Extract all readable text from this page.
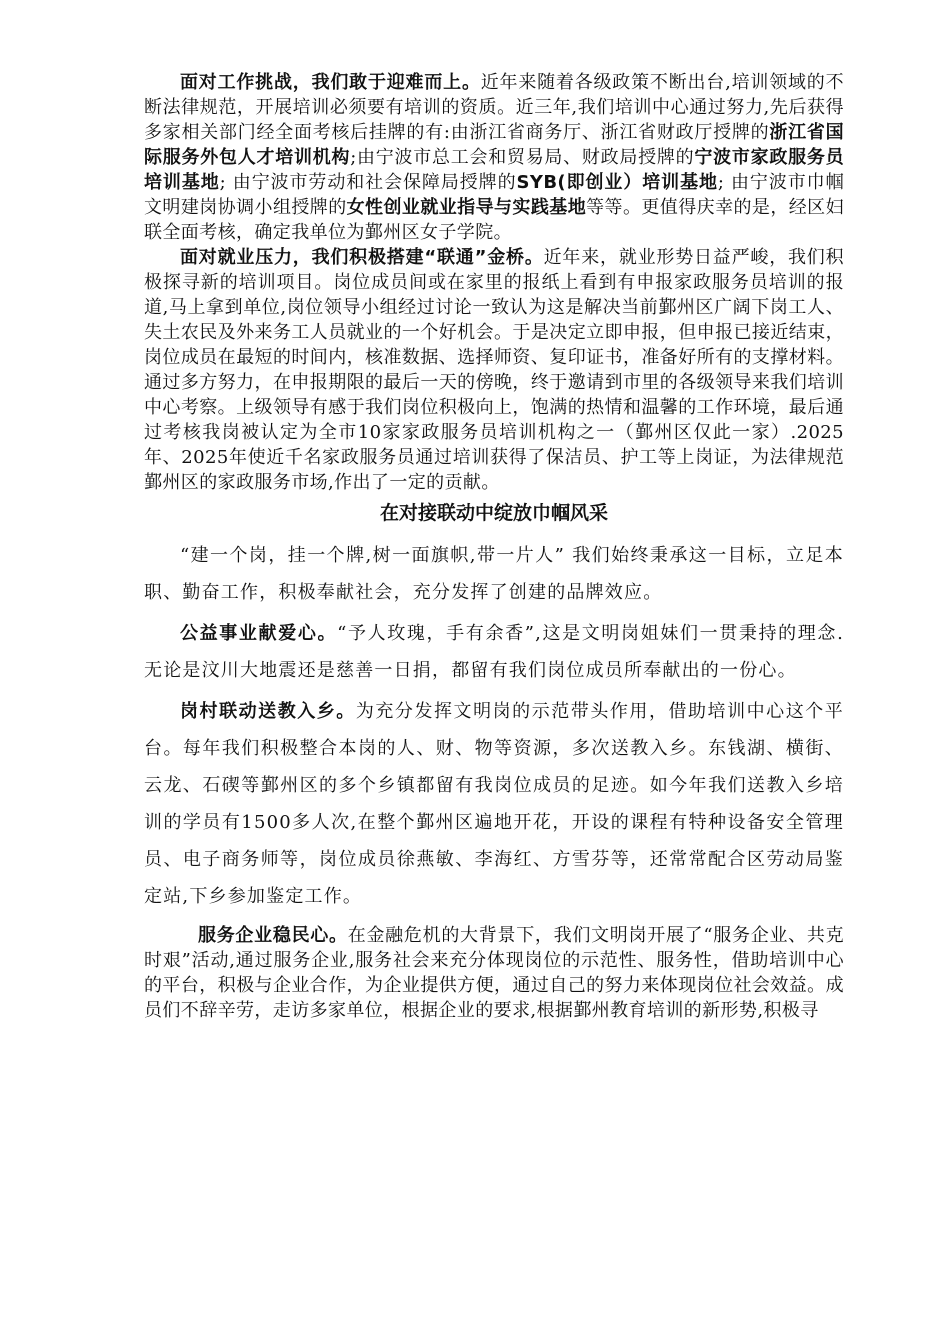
面对工作挑战，我们敢于迎难而上。近年来随着各级政策不断出台,培训领域的不断法律规范，开展培训必须要有培训的资质。近三年,我们培训中心通过努力,先后获得多家相关部门经全面考核后挂牌的有:由浙江省商务厅、浙江省财政厅授牌的浙江省国际服务外包人才培训机构;由宁波市总工会和贸易局、财政局授牌的宁波市家政服务员培训基地; 由宁波市劳动和社会保障局授牌的SYB(即创业）培训基地; 由宁波市巾帼文明建岗协调小组授牌的女性创业就业指导与实践基地等等。更值得庆幸的是，经区妇联全面考核，确定我单位为鄞州区女子学院。

面对就业压力，我们积极搭建“联通”金桥。近年来，就业形势日益严峻，我们积极探寻新的培训项目。岗位成员间或在家里的报纸上看到有申报家政服务员培训的报道,马上拿到单位,岗位领导小组经过讨论一致认为这是解决当前鄞州区广阔下岗工人、失土农民及外来务工人员就业的一个好机会。于是决定立即申报，但申报已接近结束，岗位成员在最短的时间内，核准数据、选择师资、复印证书，准备好所有的支撑材料。通过多方努力，在申报期限的最后一天的傍晚，终于邀请到市里的各级领导来我们培训中心考察。上级领导有感于我们岗位积极向上，饱满的热情和温馨的工作环境，最后通过考核我岗被认定为全市10家家政服务员培训机构之一（鄞州区仅此一家）.2025年、2025年使近千名家政服务员通过培训获得了保洁员、护工等上岗证，为法律规范鄞州区的家政服务市场,作出了一定的贡献。

在对接联动中绽放巾帼风采

“建一个岗，挂一个牌,树一面旗帜,带一片人” 我们始终秉承这一目标，立足本职、勤奋工作，积极奉献社会，充分发挥了创建的品牌效应。

公益事业献爱心。“予人玫瑰，手有余香”,这是文明岗姐妹们一贯秉持的理念.无论是汶川大地震还是慈善一日捐，都留有我们岗位成员所奉献出的一份心。

岗村联动送教入乡。为充分发挥文明岗的示范带头作用，借助培训中心这个平台。每年我们积极整合本岗的人、财、物等资源，多次送教入乡。东钱湖、横街、云龙、石碶等鄞州区的多个乡镇都留有我岗位成员的足迹。如今年我们送教入乡培训的学员有1500多人次,在整个鄞州区遍地开花，开设的课程有特种设备安全管理员、电子商务师等，岗位成员徐燕敏、李海红、方雪芬等，还常常配合区劳动局鉴定站,下乡参加鉴定工作。

服务企业稳民心。在金融危机的大背景下，我们文明岗开展了“服务企业、共克时艰”活动,通过服务企业,服务社会来充分体现岗位的示范性、服务性，借助培训中心的平台，积极与企业合作，为企业提供方便，通过自己的努力来体现岗位社会效益。成员们不辞辛劳，走访多家单位，根据企业的要求,根据鄞州教育培训的新形势,积极寻
